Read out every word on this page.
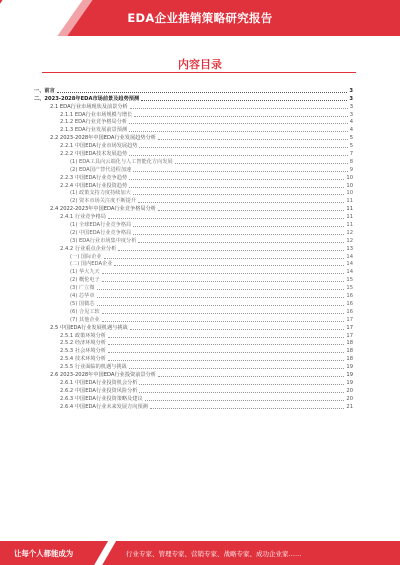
EDA企业推销策略研究报告
内容目录
一、前言	3
二、2023-2028年EDA市场前景及趋势预测	3
2.1 EDA行业市场现状及前景分析	3
2.1.1 EDA行业市场规模与增长	3
2.1.2 EDA行业竞争格局分析	4
2.1.3 EDA行业发展前景预测	4
2.2 2023-2028年中国EDA行业发展趋势分析	5
2.2.1 中国EDA行业市场发展趋势	5
2.2.2 中国EDA技术发展趋势	7
(1) EDA工具向云端化与人工智能化方向发展	8
(2) EDA国产替代进程加速	9
2.2.3 中国EDA行业竞争趋势	10
2.2.4 中国EDA行业投资趋势	10
(1) 政策支持力度持续加大	10
(2) 资本市场关注度不断提升	11
2.4 2022-2023年中国EDA行业竞争格局分析	11
2.4.1 行业竞争格局	11
(1) 全球EDA行业竞争格局	11
(2) 中国EDA行业竞争格局	12
(3) EDA行业市场集中度分析	12
2.4.2 行业重点企业分析	13
(一) 国际企业	14
(二) 国内EDA企业	14
(1) 华大九天	14
(2) 概伦电子	15
(3) 广立微	15
(4) 芯华章	16
(5) 国微芯	16
(6) 合见工软	16
(7) 其他企业	17
2.5 中国EDA行业发展机遇与挑战	17
2.5.1 政策环境分析	17
2.5.2 经济环境分析	18
2.5.3 社会环境分析	18
2.5.4 技术环境分析	18
2.5.5 行业面临的机遇与挑战	19
2.6 2023-2028年中国EDA行业投资前景分析	19
2.6.1 中国EDA行业投资机会分析	19
2.6.2 中国EDA行业投资风险分析	20
2.6.3 中国EDA行业投资策略及建议	20
2.6.4 中国EDA行业未来发展方向预测	21
让每个人都能成为	行业专家、管理专家、营销专家、战略专家、成功企业家……
